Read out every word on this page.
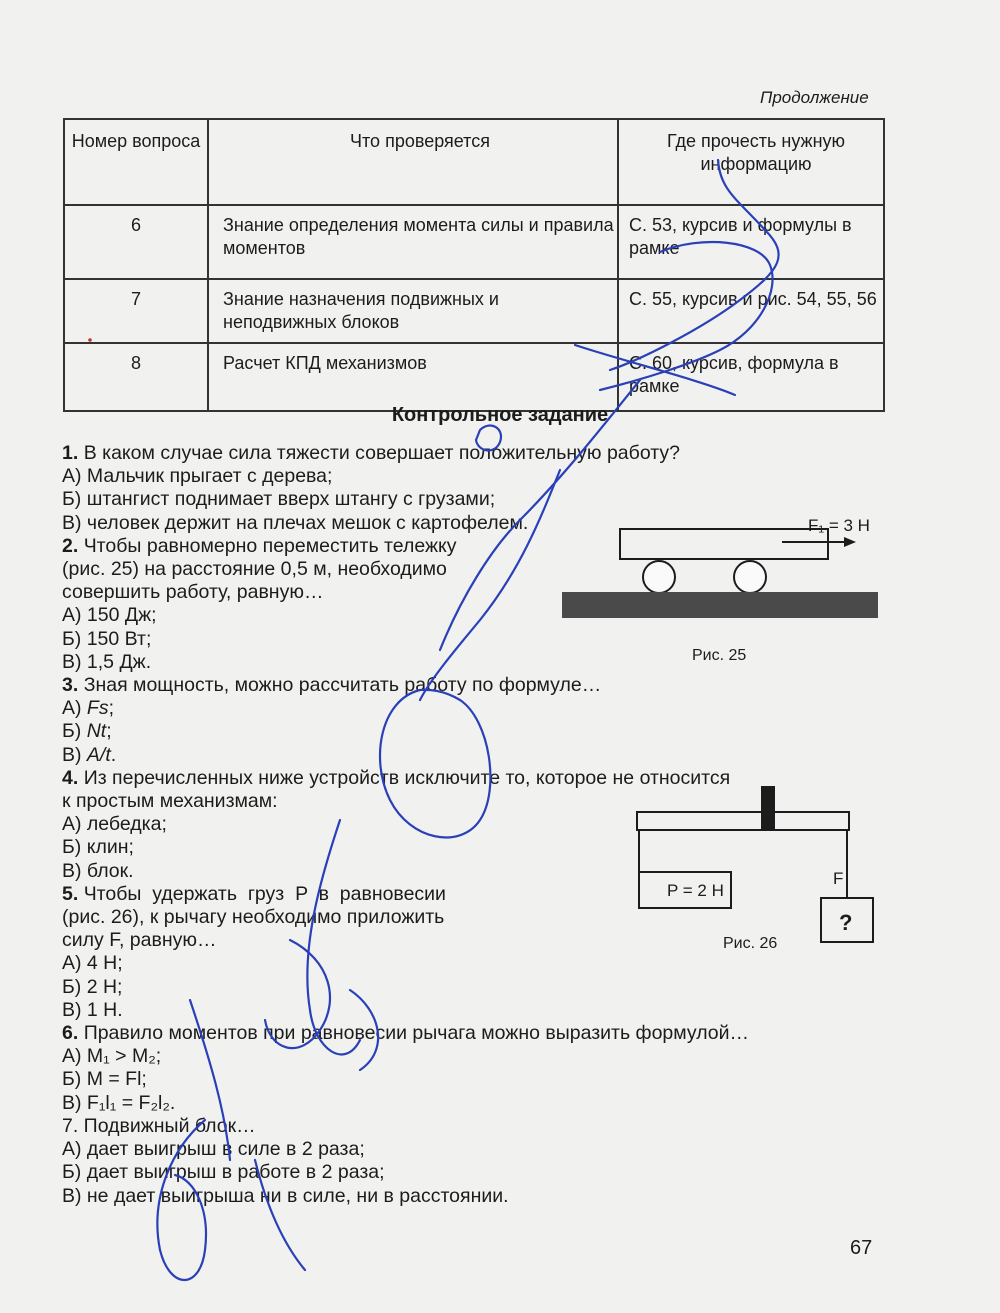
Продолжение
Номер вопроса	Что проверяется	Где прочесть нужную информацию
6	Знание определения момента силы и правила моментов	С. 53, курсив и формулы в рамке
7	Знание назначения подвижных и неподвижных блоков	С. 55, курсив и рис. 54, 55, 56
8	Расчет КПД механизмов	С. 60, курсив, формула в рамке
Контрольное задание
1. В каком случае сила тяжести совершает положительную работу?
А) Мальчик прыгает с дерева;
Б) штангист поднимает вверх штангу с грузами;
В) человек держит на плечах мешок с картофелем.
2. Чтобы равномерно переместить тележку
(рис. 25) на расстояние 0,5 м, необходимо
совершить работу, равную…
А) 150 Дж;
Б) 150 Вт;
В) 1,5 Дж.
3. Зная мощность, можно рассчитать работу по формуле…
А) Fs;
Б) Nt;
В) A/t.
4. Из перечисленных ниже устройств исключите то, которое не относится
к простым механизмам:
А) лебедка;
Б) клин;
В) блок.
5. Чтобы  удержать  груз  P  в  равновесии
(рис. 26), к рычагу необходимо приложить
силу F, равную…
А) 4 Н;
Б) 2 Н;
В) 1 Н.
6. Правило моментов при равновесии рычага можно выразить формулой…
А) M₁ > M₂;
Б) M = Fl;
В) F₁l₁ = F₂l₂.
7. Подвижный блок…
А) дает выигрыш в силе в 2 раза;
Б) дает выигрыш в работе в 2 раза;
В) не дает выигрыша ни в силе, ни в расстоянии.
F₁ = 3 Н
Рис. 25
P = 2 Н
F
?
Рис. 26
67
